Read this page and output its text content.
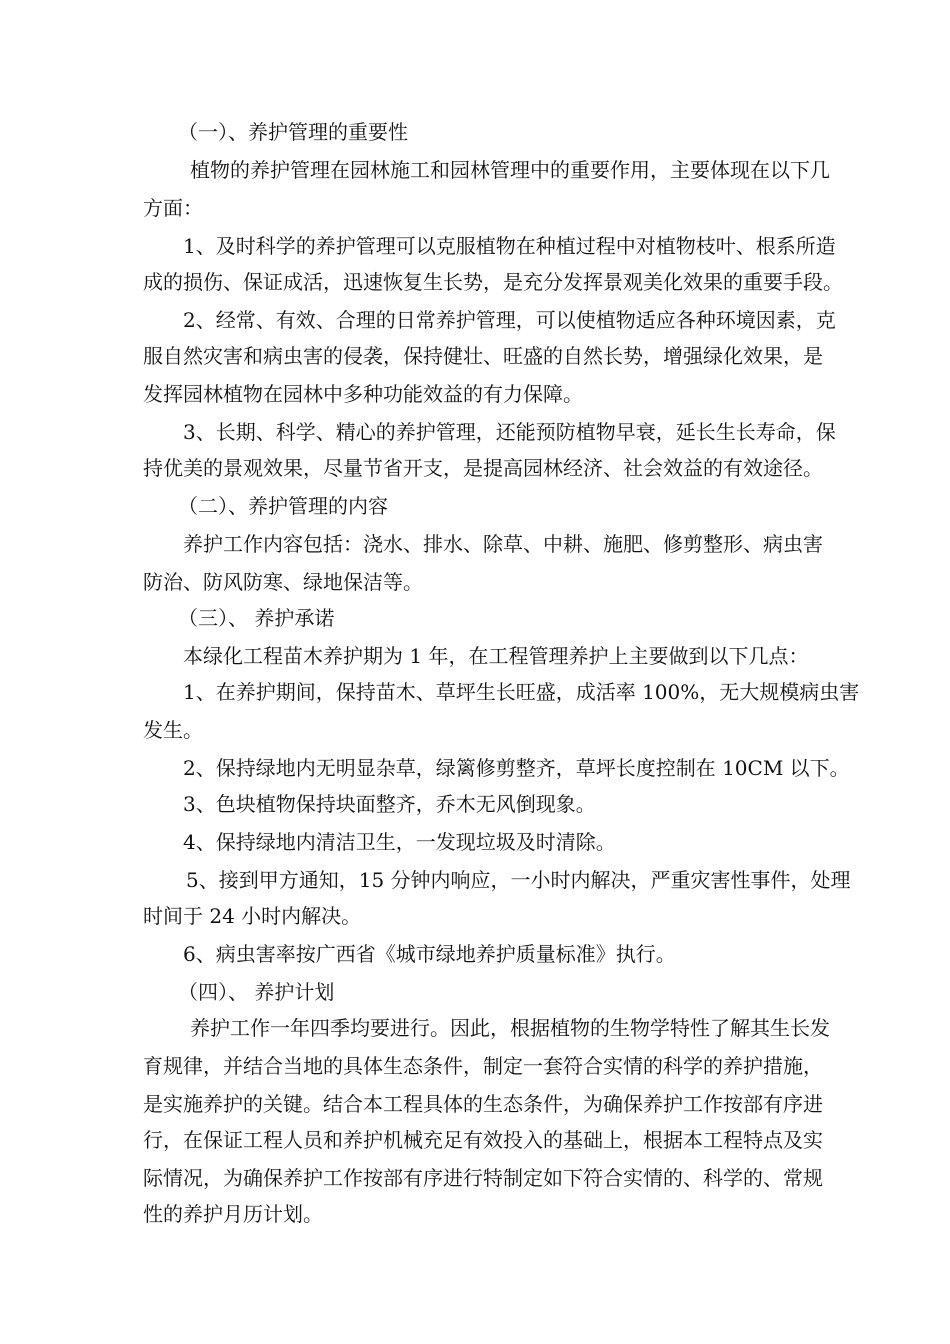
（一）、养护管理的重要性
植物的养护管理在园林施工和园林管理中的重要作用，主要体现在以下几
方面：
1、及时科学的养护管理可以克服植物在种植过程中对植物枝叶、根系所造
成的损伤、保证成活，迅速恢复生长势，是充分发挥景观美化效果的重要手段。
2、经常、有效、合理的日常养护管理，可以使植物适应各种环境因素，克
服自然灾害和病虫害的侵袭，保持健壮、旺盛的自然长势，增强绿化效果，是
发挥园林植物在园林中多种功能效益的有力保障。
3、长期、科学、精心的养护管理，还能预防植物早衰，延长生长寿命，保
持优美的景观效果，尽量节省开支，是提高园林经济、社会效益的有效途径。
（二）、养护管理的内容
养护工作内容包括：浇水、排水、除草、中耕、施肥、修剪整形、病虫害
防治、防风防寒、绿地保洁等。
（三）、 养护承诺
本绿化工程苗木养护期为 1 年，在工程管理养护上主要做到以下几点：
1、在养护期间，保持苗木、草坪生长旺盛，成活率 100%，无大规模病虫害
发生。
2、保持绿地内无明显杂草，绿篱修剪整齐，草坪长度控制在 10CM 以下。
3、色块植物保持块面整齐，乔木无风倒现象。
4、保持绿地内清洁卫生，一发现垃圾及时清除。
5、接到甲方通知，15 分钟内响应，一小时内解决，严重灾害性事件，处理
时间于 24 小时内解决。
6、病虫害率按广西省《城市绿地养护质量标准》执行。
（四）、 养护计划
养护工作一年四季均要进行。因此，根据植物的生物学特性了解其生长发
育规律，并结合当地的具体生态条件，制定一套符合实情的科学的养护措施，
是实施养护的关键。结合本工程具体的生态条件，为确保养护工作按部有序进
行，在保证工程人员和养护机械充足有效投入的基础上，根据本工程特点及实
际情况，为确保养护工作按部有序进行特制定如下符合实情的、科学的、常规
性的养护月历计划。
